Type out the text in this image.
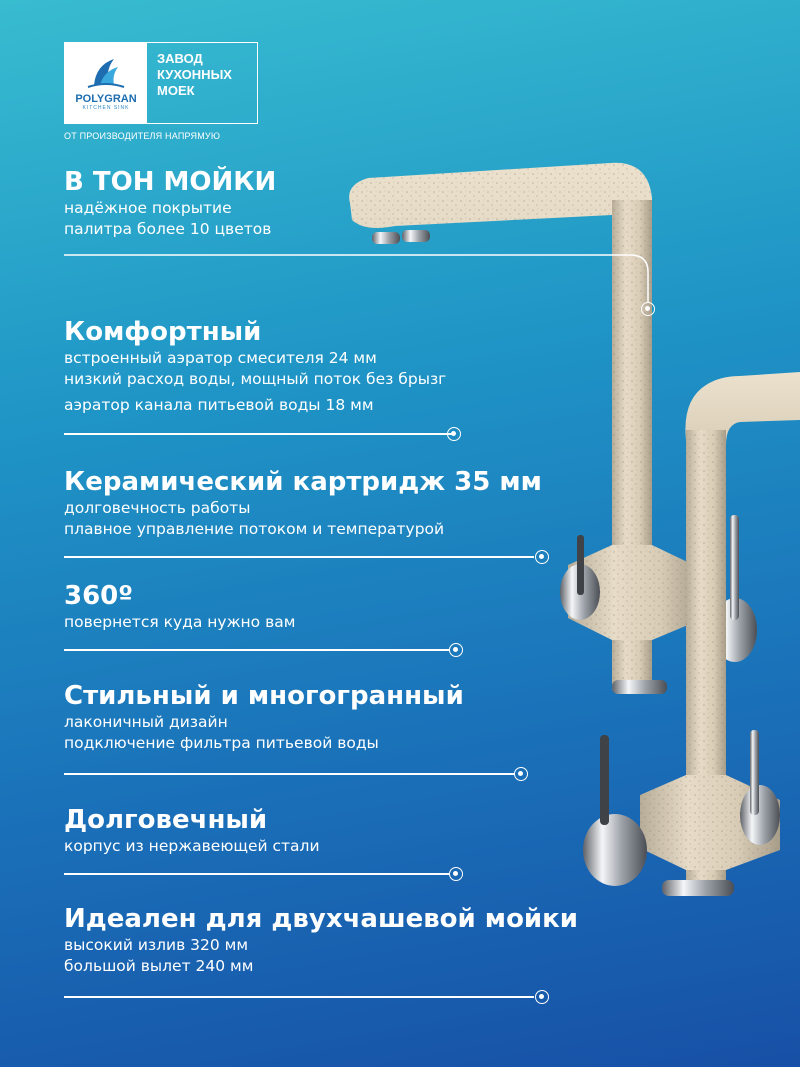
POLYGRAN
KITCHEN SINK
ЗАВОД
КУХОННЫХ
МОЕК
ОТ ПРОИЗВОДИТЕЛЯ НАПРЯМУЮ
В ТОН МОЙКИ

надёжное покрытие

палитра более 10 цветов

Комфортный

встроенный аэратор смесителя 24 мм

низкий расход воды, мощный поток без брызг

аэратор канала питьевой воды 18 мм

Керамический картридж 35 мм

долговечность работы

плавное управление потоком и температурой

360º

повернется куда нужно вам

Стильный и многогранный

лаконичный дизайн

подключение фильтра питьевой воды

Долговечный

корпус из нержавеющей стали

Идеален для двухчашевой мойки

высокий излив 320 мм

большой вылет 240 мм
